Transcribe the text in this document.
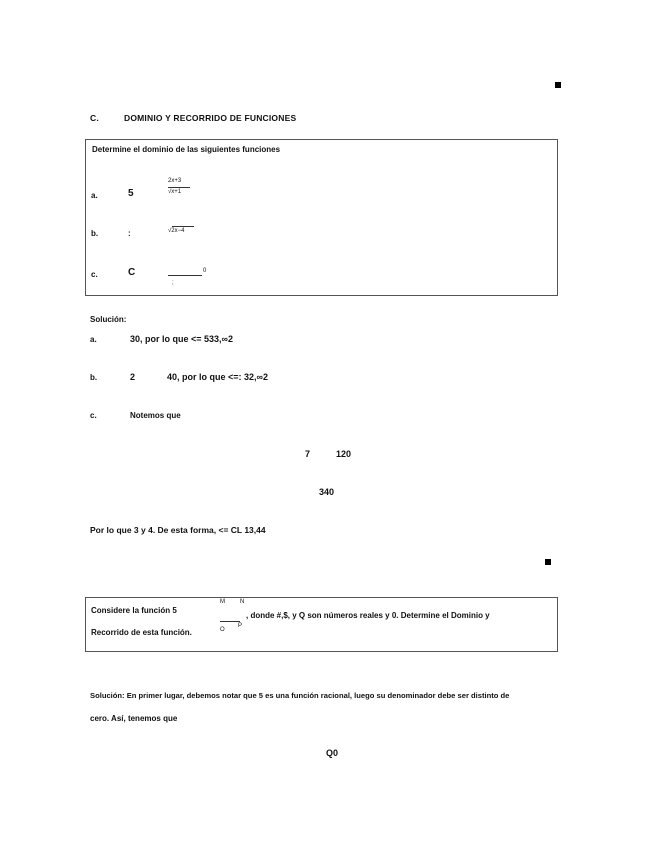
C.	DOMINIO Y RECORRIDO DE FUNCIONES
Determine el dominio de las siguientes funciones
a.	5
2x+3
√x+1
b.	:	√2x−4
c.	C	0
;
Solución:
a.	30, por lo que <= 533,∞2
b.	2	40, por lo que <=: 32,∞2
c.	Notemos que
7	120
340
Por lo que 3 y 4. De esta forma, <= CL 13,44
Considere la función 5
M	N
O
P
, donde #,$, y Q son números reales y 0. Determine el Dominio y
Recorrido de esta función.
Solución: En primer lugar, debemos notar que 5 es una función racional, luego su denominador debe ser distinto de
cero. Así, tenemos que
Q0
